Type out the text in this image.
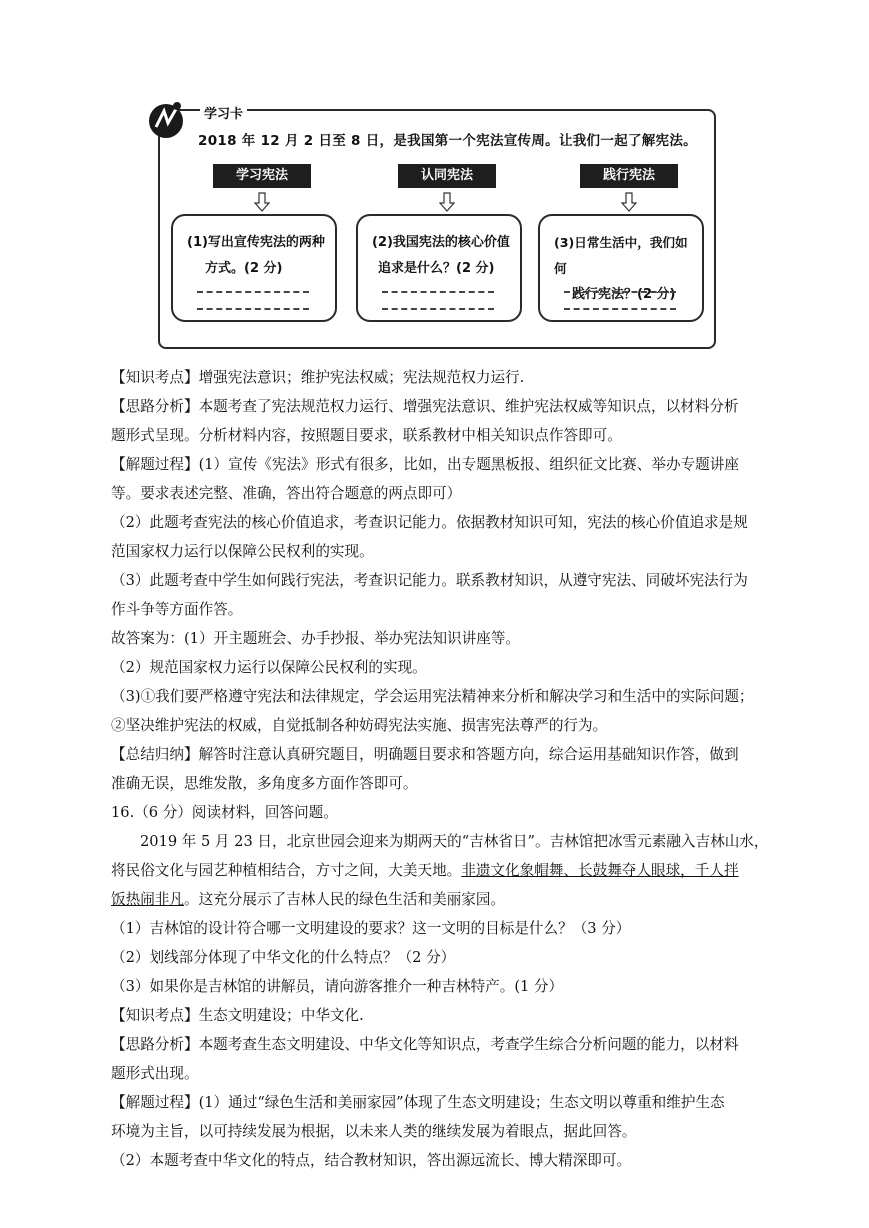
学习卡
2018 年 12 月 2 日至 8 日，是我国第一个宪法宣传周。让我们一起了解宪法。
学习宪法	认同宪法	践行宪法
(1)写出宣传宪法的两种
方式。(2 分)
(2)我国宪法的核心价值
追求是什么？(2 分)
(3)日常生活中，我们如何
践行宪法？(2 分)
【知识考点】增强宪法意识；维护宪法权威；宪法规范权力运行.
【思路分析】本题考查了宪法规范权力运行、增强宪法意识、维护宪法权威等知识点，以材料分析
题形式呈现。分析材料内容，按照题目要求，联系教材中相关知识点作答即可。
【解题过程】(1）宣传《宪法》形式有很多，比如，出专题黑板报、组织征文比赛、举办专题讲座
等。要求表述完整、准确，答出符合题意的两点即可）
（2）此题考查宪法的核心价值追求，考查识记能力。依据教材知识可知，宪法的核心价值追求是规
范国家权力运行以保障公民权利的实现。
（3）此题考查中学生如何践行宪法，考查识记能力。联系教材知识，从遵守宪法、同破坏宪法行为
作斗争等方面作答。
故答案为：(1）开主题班会、办手抄报、举办宪法知识讲座等。
（2）规范国家权力运行以保障公民权利的实现。
（3)①我们要严格遵守宪法和法律规定，学会运用宪法精神来分析和解决学习和生活中的实际问题；
②坚决维护宪法的权威，自觉抵制各种妨碍宪法实施、损害宪法尊严的行为。
【总结归纳】解答时注意认真研究题目，明确题目要求和答题方向，综合运用基础知识作答，做到
准确无误，思维发散，多角度多方面作答即可。
16.（6 分）阅读材料，回答问题。
2019 年 5 月 23 日，北京世园会迎来为期两天的“吉林省日”。吉林馆把冰雪元素融入吉林山水，
将民俗文化与园艺种植相结合，方寸之间，大美天地。非遗文化象帽舞、长鼓舞夺人眼球，千人拌
饭热闹非凡。这充分展示了吉林人民的绿色生活和美丽家园。
（1）吉林馆的设计符合哪一文明建设的要求？这一文明的目标是什么？（3 分）
（2）划线部分体现了中华文化的什么特点？（2 分）
（3）如果你是吉林馆的讲解员，请向游客推介一种吉林特产。(1 分）
【知识考点】生态文明建设；中华文化.
【思路分析】本题考查生态文明建设、中华文化等知识点，考查学生综合分析问题的能力，以材料
题形式出现。
【解题过程】(1）通过“绿色生活和美丽家园”体现了生态文明建设；生态文明以尊重和维护生态
环境为主旨，以可持续发展为根据，以未来人类的继续发展为着眼点，据此回答。
（2）本题考查中华文化的特点，结合教材知识，答出源远流长、博大精深即可。
